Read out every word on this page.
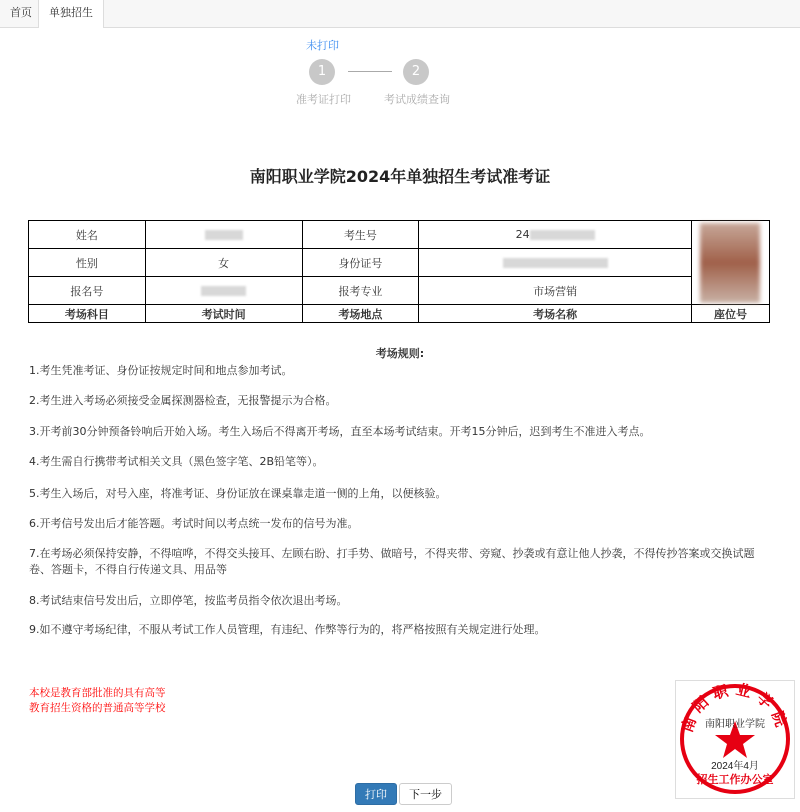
首页	单独招生
未打印
1	2
准考证打印	考试成绩查询
南阳职业学院2024年单独招生考试准考证
姓名		考生号	24	

性别	女	身份证号		
报名号		报考专业	市场营销	
考场科目	考试时间	考场地点	考场名称	座位号
考场规则:
1.考生凭准考证、身份证按规定时间和地点参加考试。
2.考生进入考场必须接受金属探测器检查，无报警提示为合格。
3.开考前30分钟预备铃响后开始入场。考生入场后不得离开考场，直至本场考试结束。开考15分钟后，迟到考生不准进入考点。
4.考生需自行携带考试相关文具（黑色签字笔、2B铅笔等）。
5.考生入场后，对号入座，将准考证、身份证放在课桌靠走道一侧的上角，以便核验。
6.开考信号发出后才能答题。考试时间以考点统一发布的信号为准。
7.在考场必须保持安静，不得喧哗，不得交头接耳、左顾右盼、打手势、做暗号，不得夹带、旁窥、抄袭或有意让他人抄袭，不得传抄答案或交换试题卷、答题卡，不得自行传递文具、用品等
8.考试结束信号发出后，立即停笔，按监考员指令依次退出考场。
9.如不遵守考场纪律，不服从考试工作人员管理，有违纪、作弊等行为的，将严格按照有关规定进行处理。
本校是教育部批准的具有高等
教育招生资格的普通高等学校
南阳职业学院
2024年4月
招生工作办公室
南阳职业学院
打印	下一步
